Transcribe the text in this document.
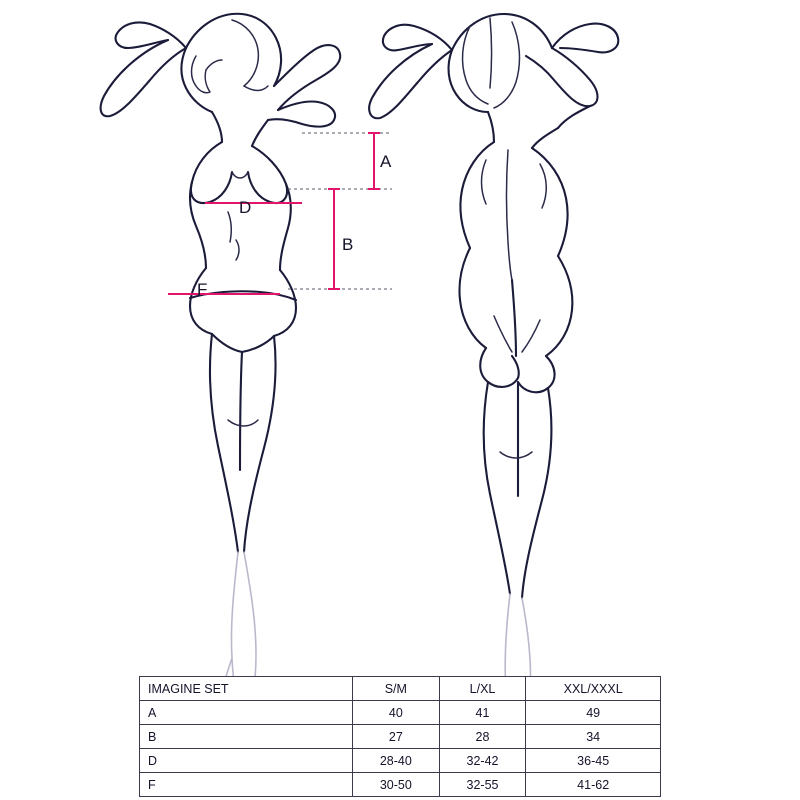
A
B
D
F
IMAGINE SET	S/M	L/XL	XXL/XXXL
A	40	41	49
B	27	28	34
D	28-40	32-42	36-45
F	30-50	32-55	41-62
